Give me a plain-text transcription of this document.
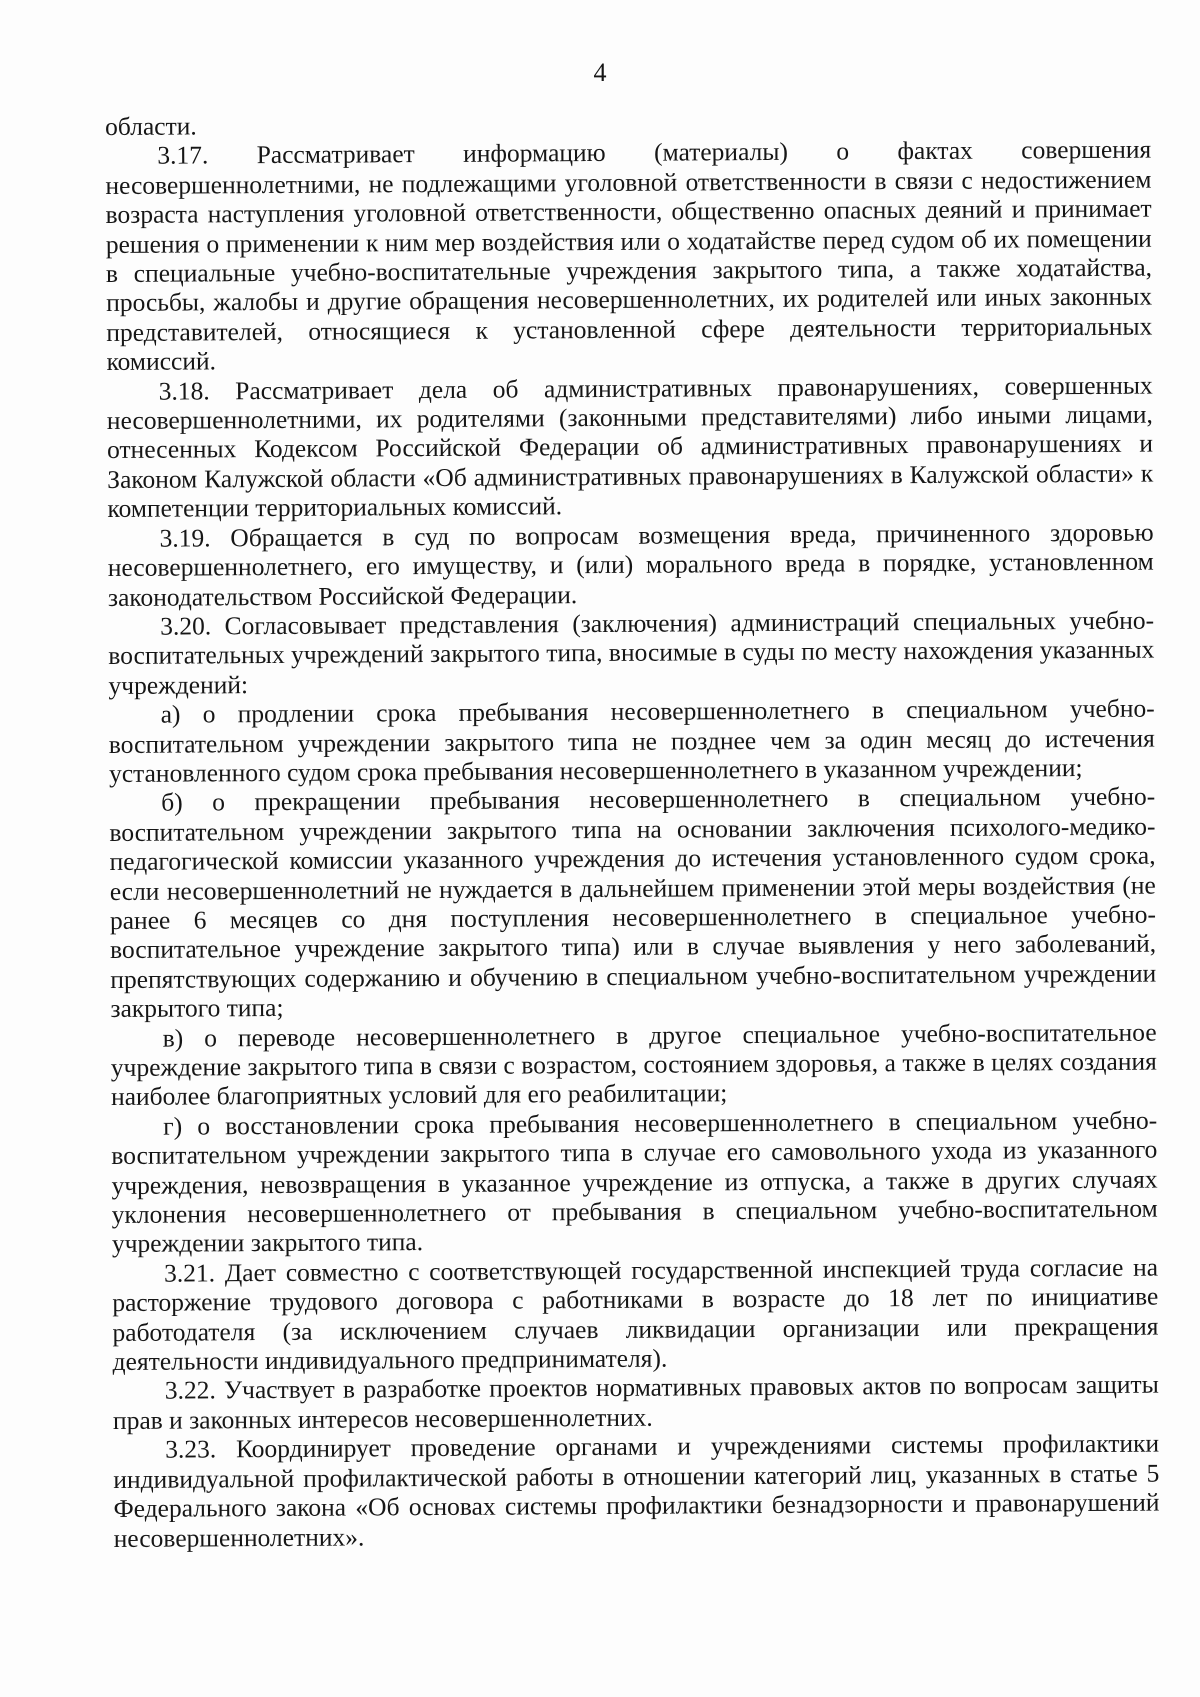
4

области.

3.17. Рассматривает информацию (материалы) о фактах совершения несовершеннолетними, не подлежащими уголовной ответственности в связи с недостижением возраста наступления уголовной ответственности, общественно опасных деяний и принимает решения о применении к ним мер воздействия или о ходатайстве перед судом об их помещении в специальные учебно-воспитательные учреждения закрытого типа, а также ходатайства, просьбы, жалобы и другие обращения несовершеннолетних, их родителей или иных законных представителей, относящиеся к установленной сфере деятельности территориальных комиссий.

3.18. Рассматривает дела об административных правонарушениях, совершенных несовершеннолетними, их родителями (законными представителями) либо иными лицами, отнесенных Кодексом Российской Федерации об административных правонарушениях и Законом Калужской области «Об административных правонарушениях в Калужской области» к компетенции территориальных комиссий.

3.19. Обращается в суд по вопросам возмещения вреда, причиненного здоровью несовершеннолетнего, его имуществу, и (или) морального вреда в порядке, установленном законодательством Российской Федерации.

3.20. Согласовывает представления (заключения) администраций специальных учебно-воспитательных учреждений закрытого типа, вносимые в суды по месту нахождения указанных учреждений:

а) о продлении срока пребывания несовершеннолетнего в специальном учебно-воспитательном учреждении закрытого типа не позднее чем за один месяц до истечения установленного судом срока пребывания несовершеннолетнего в указанном учреждении;

б) о прекращении пребывания несовершеннолетнего в специальном учебно-воспитательном учреждении закрытого типа на основании заключения психолого-медико-педагогической комиссии указанного учреждения до истечения установленного судом срока, если несовершеннолетний не нуждается в дальнейшем применении этой меры воздействия (не ранее 6 месяцев со дня поступления несовершеннолетнего в специальное учебно-воспитательное учреждение закрытого типа) или в случае выявления у него заболеваний, препятствующих содержанию и обучению в специальном учебно-воспитательном учреждении закрытого типа;

в) о переводе несовершеннолетнего в другое специальное учебно-воспитательное учреждение закрытого типа в связи с возрастом, состоянием здоровья, а также в целях создания наиболее благоприятных условий для его реабилитации;

г) о восстановлении срока пребывания несовершеннолетнего в специальном учебно-воспитательном учреждении закрытого типа в случае его самовольного ухода из указанного учреждения, невозвращения в указанное учреждение из отпуска, а также в других случаях уклонения несовершеннолетнего от пребывания в специальном учебно-воспитательном учреждении закрытого типа.

3.21. Дает совместно с соответствующей государственной инспекцией труда согласие на расторжение трудового договора с работниками в возрасте до 18 лет по инициативе работодателя (за исключением случаев ликвидации организации или прекращения деятельности индивидуального предпринимателя).

3.22. Участвует в разработке проектов нормативных правовых актов по вопросам защиты прав и законных интересов несовершеннолетних.

3.23. Координирует проведение органами и учреждениями системы профилактики индивидуальной профилактической работы в отношении категорий лиц, указанных в статье 5 Федерального закона «Об основах системы профилактики безнадзорности и правонарушений несовершеннолетних».
